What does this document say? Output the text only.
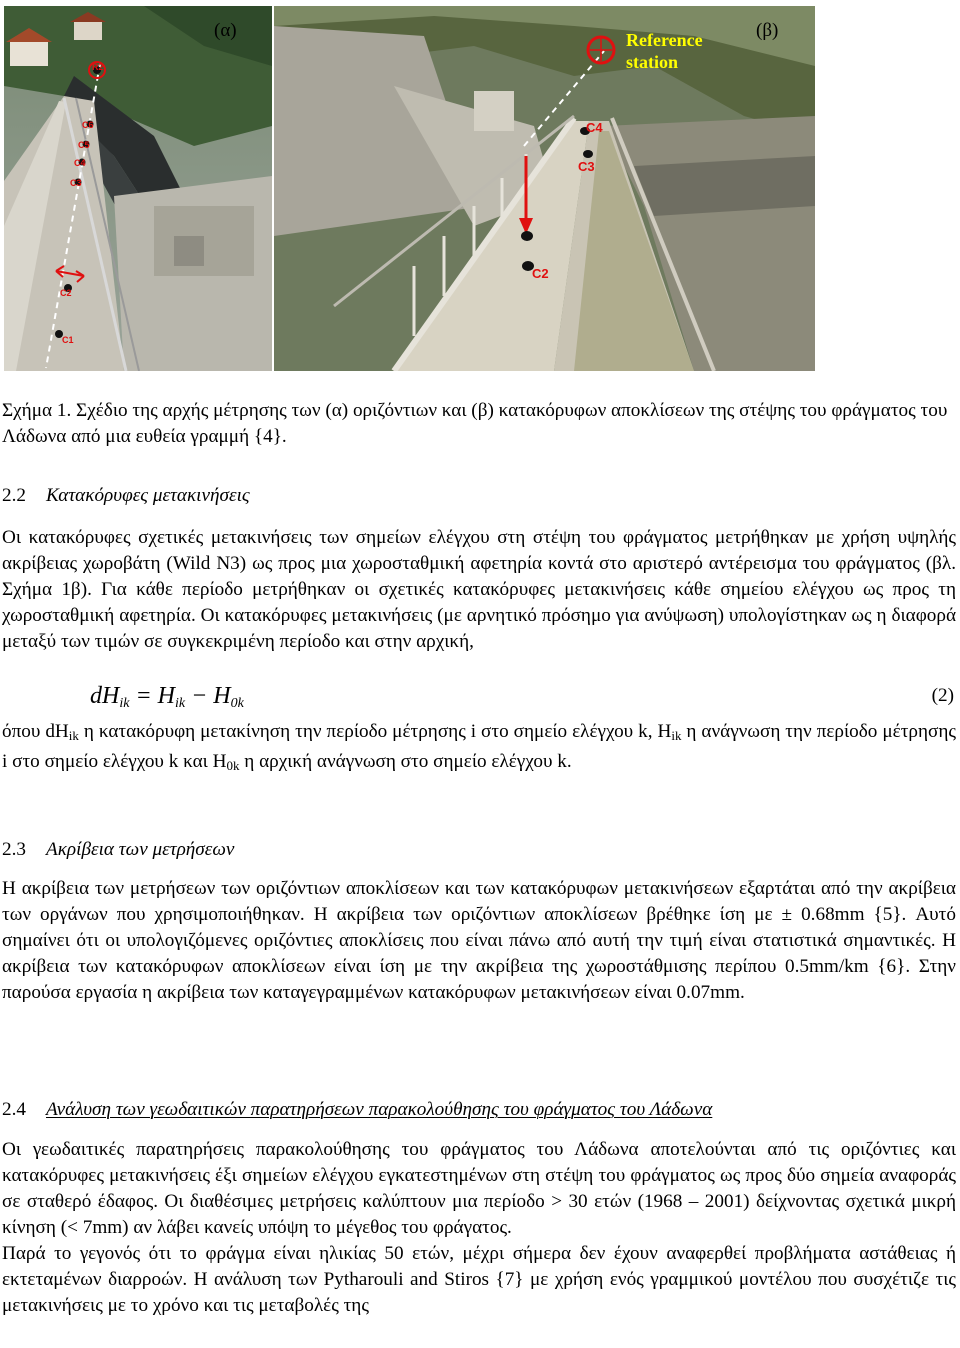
R2
C6
C5
C4
C3
C2
C1
C4
C3
C2
Reference station
(α)	(β)
Σχήμα 1. Σχέδιο της αρχής μέτρησης των (α) οριζόντιων και (β) κατακόρυφων αποκλίσεων της στέψης του φράγματος του Λάδωνα από μια ευθεία γραμμή {4}.
2.2 Κατακόρυφες μετακινήσεις

Οι κατακόρυφες σχετικές μετακινήσεις των σημείων ελέγχου στη στέψη του φράγματος μετρήθηκαν με χρήση υψηλής ακρίβειας χωροβάτη (Wild N3) ως προς μια χωροσταθμική αφετηρία κοντά στο αριστερό αντέρεισμα του φράγματος (βλ. Σχήμα 1β). Για κάθε περίοδο μετρήθηκαν οι σχετικές κατακόρυφες μετακινήσεις κάθε σημείου ελέγχου ως προς τη χωροσταθμική αφετηρία. Οι κατακόρυφες μετακινήσεις (με αρνητικό πρόσημο για ανύψωση) υπολογίστηκαν ως η διαφορά μεταξύ των τιμών σε συγκεκριμένη περίοδο και στην αρχική,

$dH_{ik} = H_{ik} - H_{0k}$	(2)

όπου $dH_{ik}$ η κατακόρυφη μετακίνηση την περίοδο μέτρησης i στο σημείο ελέγχου k, $H_{ik}$ η ανάγνωση την περίοδο μέτρησης i στο σημείο ελέγχου k και $H_{0k}$ η αρχική ανάγνωση στο σημείο ελέγχου k.

2.3 Ακρίβεια των μετρήσεων

Η ακρίβεια των μετρήσεων των οριζόντιων αποκλίσεων και των κατακόρυφων μετακινήσεων εξαρτάται από την ακρίβεια των οργάνων που χρησιμοποιήθηκαν. Η ακρίβεια των οριζόντιων αποκλίσεων βρέθηκε ίση με ± 0.68mm {5}. Αυτό σημαίνει ότι οι υπολογιζόμενες οριζόντιες αποκλίσεις που είναι πάνω από αυτή την τιμή είναι στατιστικά σημαντικές. Η ακρίβεια των κατακόρυφων αποκλίσεων είναι ίση με την ακρίβεια της χωροστάθμισης περίπου 0.5mm/km {6}. Στην παρούσα εργασία η ακρίβεια των καταγεγραμμένων κατακόρυφων μετακινήσεων είναι 0.07mm.

2.4 Ανάλυση των γεωδαιτικών παρατηρήσεων παρακολούθησης του φράγματος του Λάδωνα

Οι γεωδαιτικές παρατηρήσεις παρακολούθησης του φράγματος του Λάδωνα αποτελούνται από τις οριζόντιες και κατακόρυφες μετακινήσεις έξι σημείων ελέγχου εγκατεστημένων στη στέψη του φράγματος ως προς δύο σημεία αναφοράς σε σταθερό έδαφος. Οι διαθέσιμες μετρήσεις καλύπτουν μια περίοδο > 30 ετών (1968 – 2001) δείχνοντας σχετικά μικρή κίνηση (< 7mm) αν λάβει κανείς υπόψη το μέγεθος του φράγατος.

Παρά το γεγονός ότι το φράγμα είναι ηλικίας 50 ετών, μέχρι σήμερα δεν έχουν αναφερθεί προβλήματα αστάθειας ή εκτεταμένων διαρροών. Η ανάλυση των Pytharouli and Stiros {7} με χρήση ενός γραμμικού μοντέλου που συσχέτιζε τις μετακινήσεις με το χρόνο και τις μεταβολές της
